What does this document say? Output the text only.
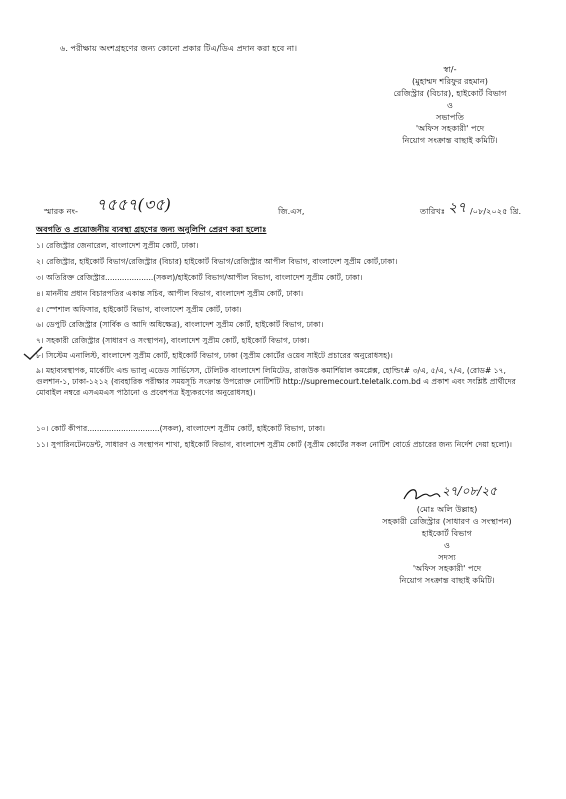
৬. পরীক্ষায় অংশগ্রহণের জন্য কোনো প্রকার টিএ/ডিএ প্রদান করা হবে না।
স্বা/-
(মুহাম্মদ শরিফুর রহমান)
রেজিস্ট্রার (বিচার), হাইকোর্ট বিভাগ
ও
সভাপতি
'অফিস সহকারী' পদে
নিয়োগ সংক্রান্ত বাছাই কমিটি।
স্মারক নং- ৭৫৫৭(৩৫)	জি.এস,	তারিখঃ ২৭ /০৮/২০২৫ খ্রি.
অবগতি ও প্রয়োজনীয় ব্যবস্থা গ্রহণের জন্য অনুলিপি প্রেরণ করা হলোঃ
১। রেজিস্ট্রার জেনারেল, বাংলাদেশ সুপ্রীম কোর্ট, ঢাকা।
২। রেজিস্ট্রার, হাইকোর্ট বিভাগ/রেজিস্ট্রার (বিচার) হাইকোর্ট বিভাগ/রেজিস্ট্রার আপীল বিভাগ, বাংলাদেশ সুপ্রীম কোর্ট,ঢাকা।
৩। অতিরিক্ত রেজিস্ট্রার....................(সকল)/হাইকোর্ট বিভাগ/আপীল বিভাগ, বাংলাদেশ সুপ্রীম কোর্ট, ঢাকা।
৪। মাননীয় প্রধান বিচারপতির একান্ত সচিব, আপীল বিভাগ, বাংলাদেশ সুপ্রীম কোর্ট, ঢাকা।
৫। স্পেশাল অফিসার, হাইকোর্ট বিভাগ, বাংলাদেশ সুপ্রীম কোর্ট, ঢাকা।
৬। ডেপুটি রেজিস্ট্রার (সার্বিক ও আদি অধিক্ষেত্র), বাংলাদেশ সুপ্রীম কোর্ট, হাইকোর্ট বিভাগ, ঢাকা।
৭। সহকারী রেজিস্ট্রার (সাধারণ ও সংস্থাপন), বাংলাদেশ সুপ্রীম কোর্ট, হাইকোর্ট বিভাগ, ঢাকা।
৮। সিস্টেম এনালিস্ট, বাংলাদেশ সুপ্রীম কোর্ট, হাইকোর্ট বিভাগ, ঢাকা (সুপ্রীম কোর্টের ওয়েব সাইটে প্রচারের অনুরোধসহ)।
৯। মহাব্যবস্থাপক, মার্কেটিং এন্ড ভ্যালু এডেড সার্ভিসেস, টেলিটক বাংলাদেশ লিমিটেড, রাজউক কমার্শিয়াল কমপ্লেক্স, হোল্ডিং# ৩/এ, ৫/এ, ৭/এ, (রোড# ১৭, গুলশান-১, ঢাকা-১২১২ (ব্যবহারিক পরীক্ষার সময়সূচি সংক্রান্ত উপরোক্ত নোটিশটি http://supremecourt.teletalk.com.bd এ প্রকাশ এবং সংশ্লিষ্ট প্রার্থীদের মোবাইল নম্বরে এসএমএস পাঠানো ও প্রবেশপত্র ইস্যুকরণের অনুরোধসহ)।
১০। কোর্ট কীপার..............................(সকল), বাংলাদেশ সুপ্রীম কোর্ট, হাইকোর্ট বিভাগ, ঢাকা।
১১। সুপারিনটেনডেন্ট, সাধারণ ও সংস্থাপন শাখা, হাইকোর্ট বিভাগ, বাংলাদেশ সুপ্রীম কোর্ট (সুপ্রীম কোর্টের সকল নোটিশ বোর্ডে প্রচারের জন্য নির্দেশ দেয়া হলো)।
২৭/০৮/২৫
(মোঃ অলি উল্লাহ)
সহকারী রেজিস্ট্রার (সাধারণ ও সংস্থাপন)
হাইকোর্ট বিভাগ
ও
সদস্য
'অফিস সহকারী' পদে
নিয়োগ সংক্রান্ত বাছাই কমিটি।
